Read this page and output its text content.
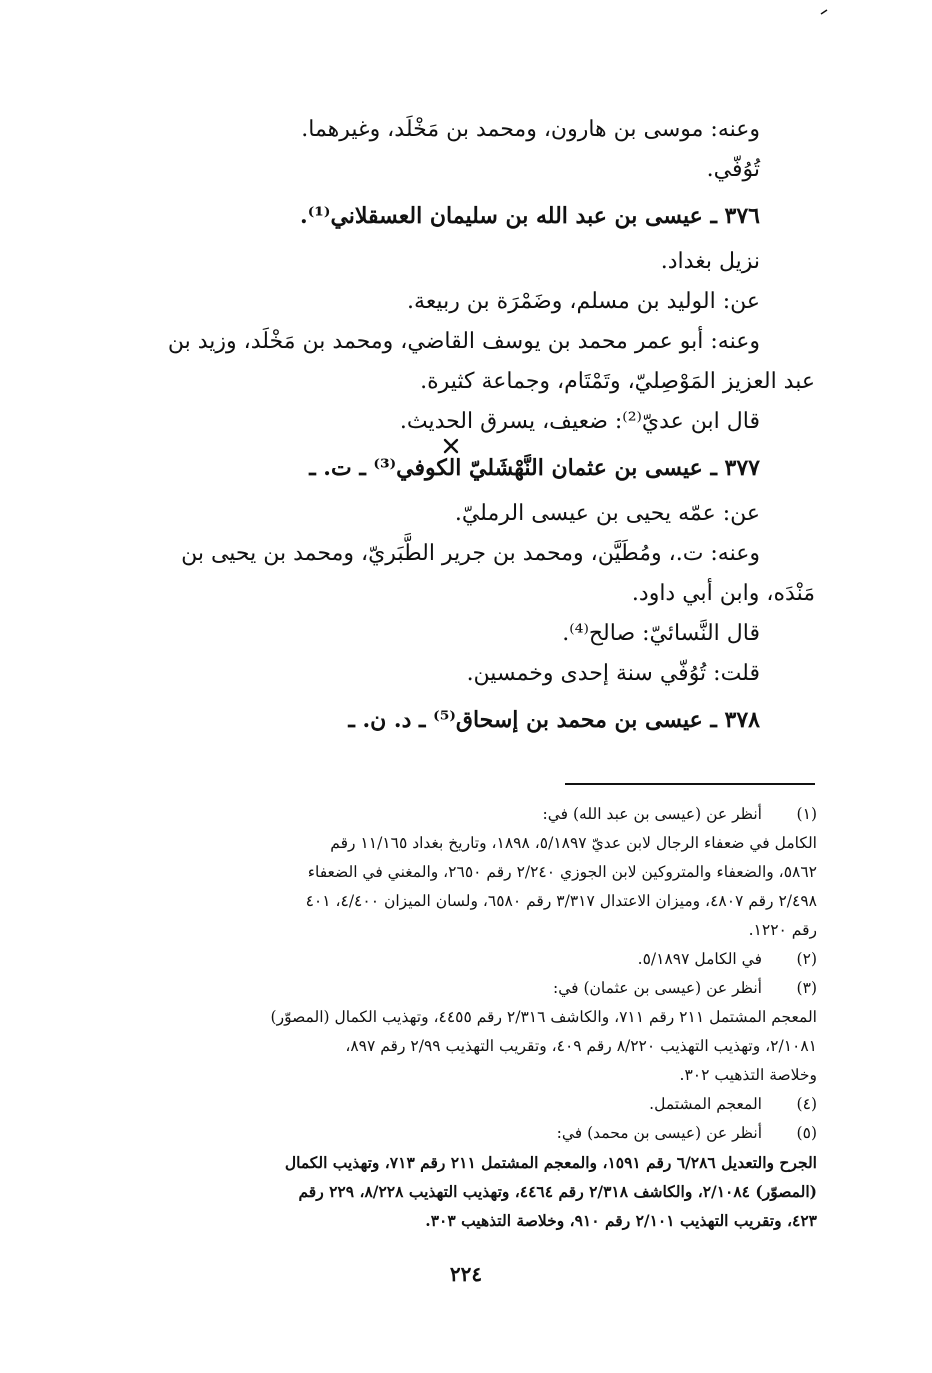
وعنه: موسى بن هارون، ومحمد بن مَخْلَد، وغيرهما.
تُوُفّي.
٣٧٦ ـ عيسى بن عبد الله بن سليمان العسقلاني⁽¹⁾.
نزيل بغداد.
عن: الوليد بن مسلم، وضَمْرَة بن ربيعة.
وعنه: أبو عمر محمد بن يوسف القاضي، ومحمد بن مَخْلَد، وزيد بن
عبد العزيز المَوْصِليّ، وتَمْتَام، وجماعة كثيرة.
قال ابن عديّ⁽²⁾: ضعيف، يسرق الحديث.
٣٧٧ ـ عيسى بن عثمان النَّهْشَليّ الكوفي⁽³⁾ ـ ت. ـ
عن: عمّه يحيى بن عيسى الرمليّ.
وعنه: ت.، ومُطَيَّن، ومحمد بن جرير الطَّبَريّ، ومحمد بن يحيى بن
مَنْدَه، وابن أبي داود.
قال النَّسائيّ: صالح⁽⁴⁾.
قلت: تُوُفّي سنة إحدى وخمسين.
٣٧٨ ـ عيسى بن محمد بن إسحاق⁽⁵⁾ ـ د. ن. ـ
(١)
أنظر عن (عيسى بن عبد الله) في:
الكامل في ضعفاء الرجال لابن عديّ ٥/١٨٩٧، ١٨٩٨، وتاريخ بغداد ١١/١٦٥ رقم
٥٨٦٢، والضعفاء والمتروكين لابن الجوزي ٢/٢٤٠ رقم ٢٦٥٠، والمغني في الضعفاء
٢/٤٩٨ رقم ٤٨٠٧، وميزان الاعتدال ٣/٣١٧ رقم ٦٥٨٠، ولسان الميزان ٤/٤٠٠، ٤٠١
رقم ١٢٢٠.
(٢)
في الكامل ٥/١٨٩٧.
(٣)
أنظر عن (عيسى بن عثمان) في:
المعجم المشتمل ٢١١ رقم ٧١١، والكاشف ٢/٣١٦ رقم ٤٤٥٥، وتهذيب الكمال (المصوّر)
٢/١٠٨١، وتهذيب التهذيب ٨/٢٢٠ رقم ٤٠٩، وتقريب التهذيب ٢/٩٩ رقم ٨٩٧،
وخلاصة التذهيب ٣٠٢.
(٤)
المعجم المشتمل.
(٥)
أنظر عن (عيسى بن محمد) في:
الجرح والتعديل ٦/٢٨٦ رقم ١٥٩١، والمعجم المشتمل ٢١١ رقم ٧١٣، وتهذيب الكمال
(المصوّر) ٢/١٠٨٤، والكاشف ٢/٣١٨ رقم ٤٤٦٤، وتهذيب التهذيب ٨/٢٢٨، ٢٢٩ رقم
٤٢٣، وتقريب التهذيب ٢/١٠١ رقم ٩١٠، وخلاصة التذهيب ٣٠٣.
٢٢٤
